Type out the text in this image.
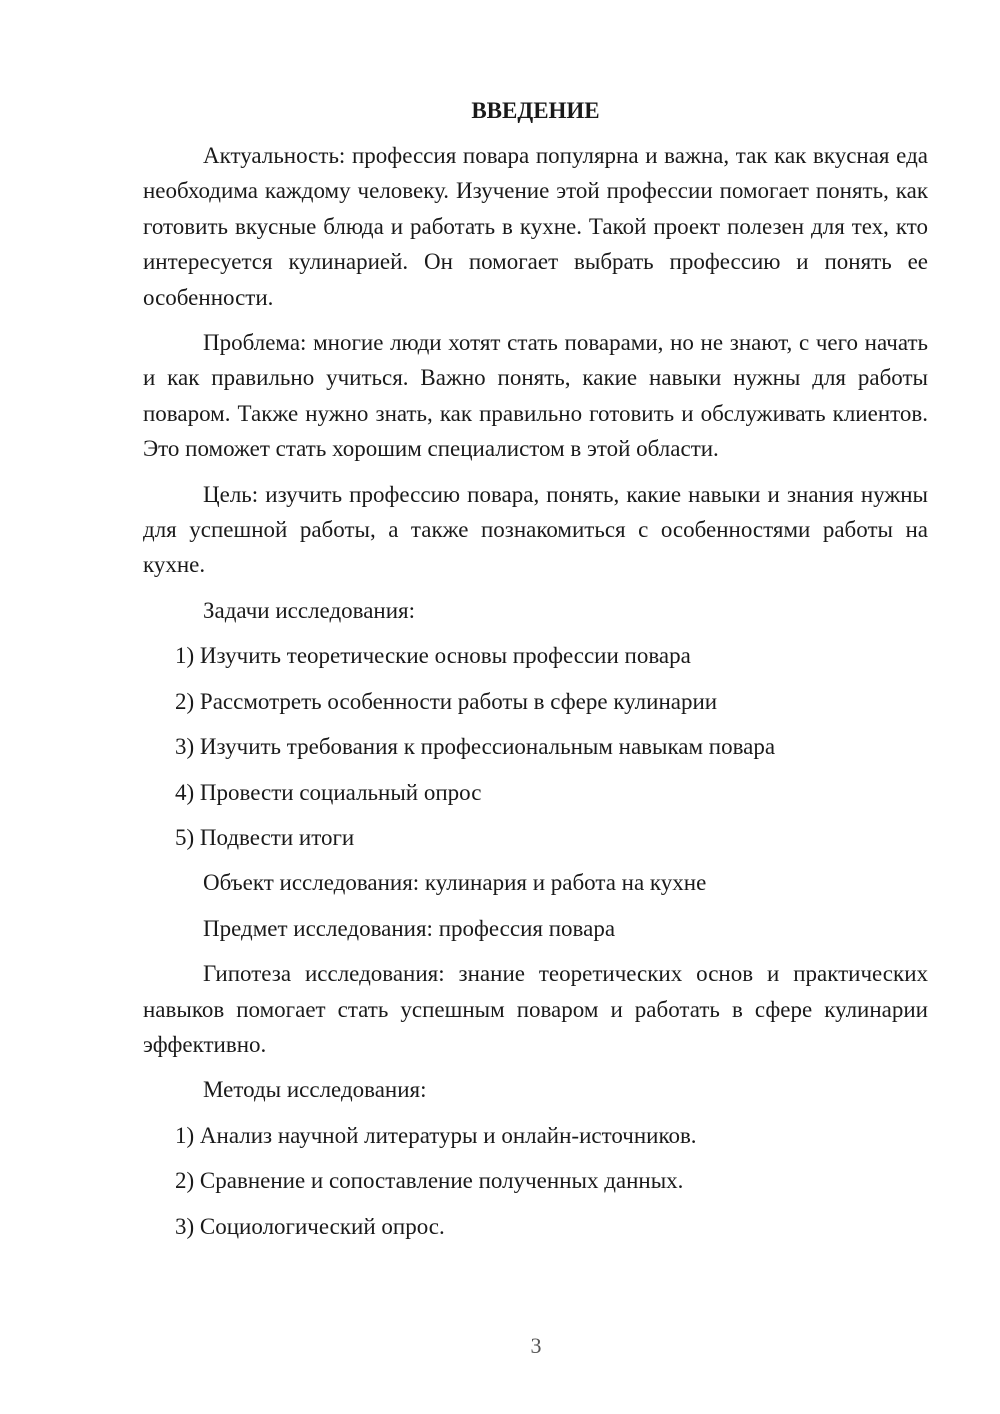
ВВЕДЕНИЕ

Актуальность: профессия повара популярна и важна, так как вкусная еда необходима каждому человеку. Изучение этой профессии помогает понять, как готовить вкусные блюда и работать в кухне. Такой проект полезен для тех, кто интересуется кулинарией. Он помогает выбрать профессию и понять ее особенности.

Проблема: многие люди хотят стать поварами, но не знают, с чего начать и как правильно учиться. Важно понять, какие навыки нужны для работы поваром. Также нужно знать, как правильно готовить и обслуживать клиентов. Это поможет стать хорошим специалистом в этой области.

Цель: изучить профессию повара, понять, какие навыки и знания нужны для успешной работы, а также познакомиться с особенностями работы на кухне.

Задачи исследования:
1) Изучить теоретические основы профессии повара
2) Рассмотреть особенности работы в сфере кулинарии
3) Изучить требования к профессиональным навыкам повара
4) Провести социальный опрос
5) Подвести итоги
Объект исследования: кулинария и работа на кухне
Предмет исследования: профессия повара

Гипотеза исследования: знание теоретических основ и практических навыков помогает стать успешным поваром и работать в сфере кулинарии эффективно.

Методы исследования:
1) Анализ научной литературы и онлайн-источников.
2) Сравнение и сопоставление полученных данных.
3) Социологический опрос.
3
